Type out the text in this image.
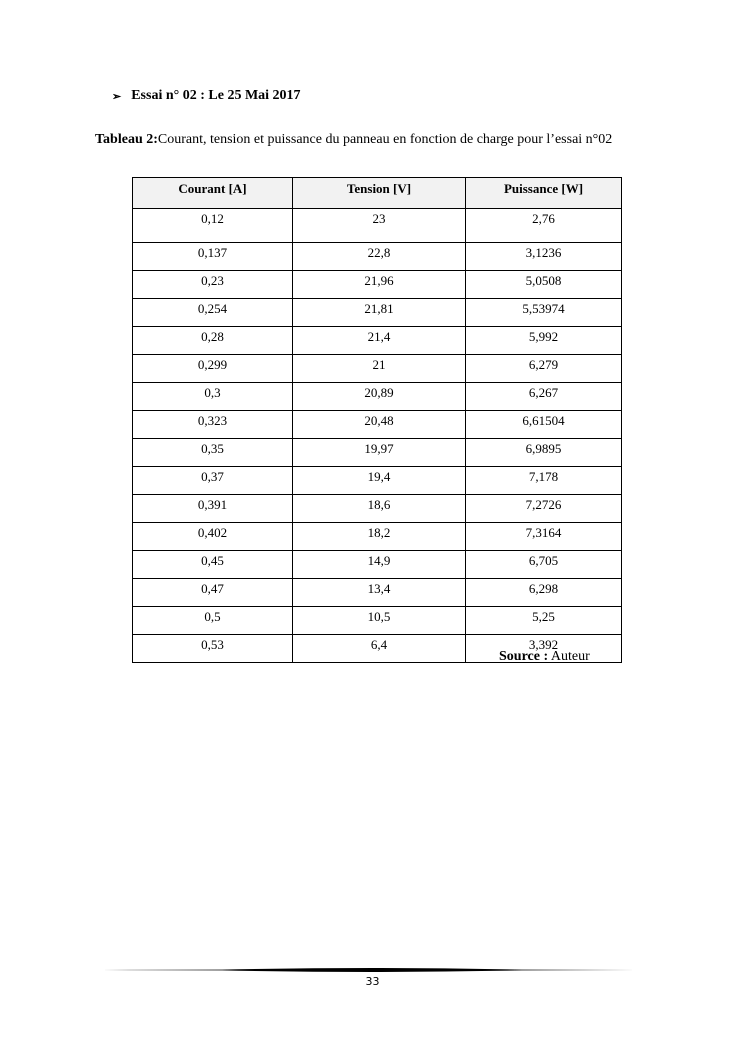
➢ Essai n° 02 : Le 25 Mai 2017
Tableau 2:Courant, tension et puissance du panneau en fonction de charge pour l’essai n°02
Courant [A]	Tension [V]	Puissance [W]
0,12	23	2,76
0,137	22,8	3,1236
0,23	21,96	5,0508
0,254	21,81	5,53974
0,28	21,4	5,992
0,299	21	6,279
0,3	20,89	6,267
0,323	20,48	6,61504
0,35	19,97	6,9895
0,37	19,4	7,178
0,391	18,6	7,2726
0,402	18,2	7,3164
0,45	14,9	6,705
0,47	13,4	6,298
0,5	10,5	5,25
0,53	6,4	3,392
Source : Auteur
33
